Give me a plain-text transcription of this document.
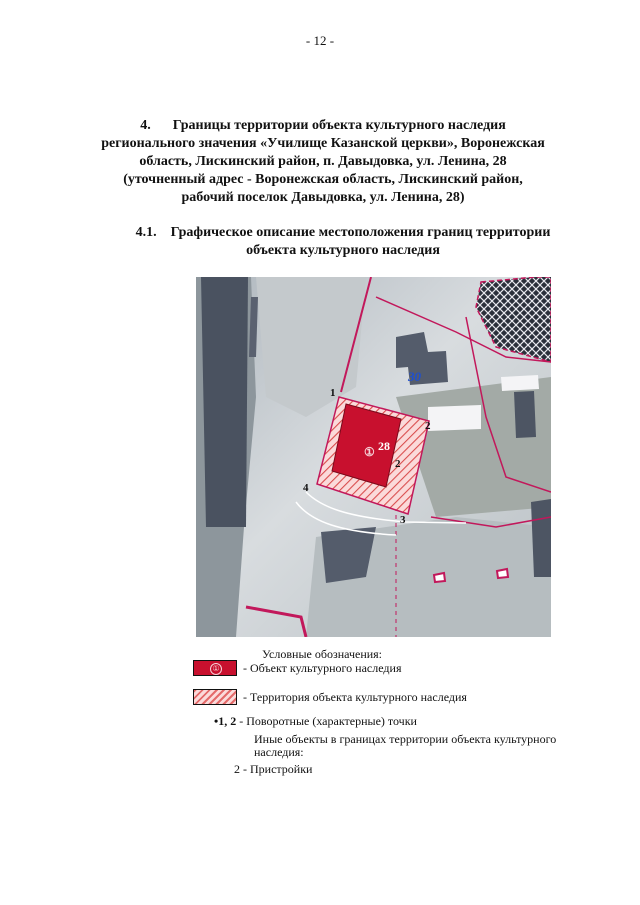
- 12 -
4. Границы территории объекта культурного наследия регионального значения «Училище Казанской церкви», Воронежская область, Лискинский район, п. Давыдовка, ул. Ленина, 28 (уточненный адрес - Воронежская область, Лискинский район, рабочий поселок Давыдовка, ул. Ленина, 28)
4.1. Графическое описание местоположения границ территории объекта культурного наследия
30
28
①
1
2
3
4
2
Условные обозначения:
① - Объект культурного наследия
- Территория объекта культурного наследия
•1, 2 - Поворотные (характерные) точки
Иные объекты в границах территории объекта культурного наследия:
2 - Пристройки
